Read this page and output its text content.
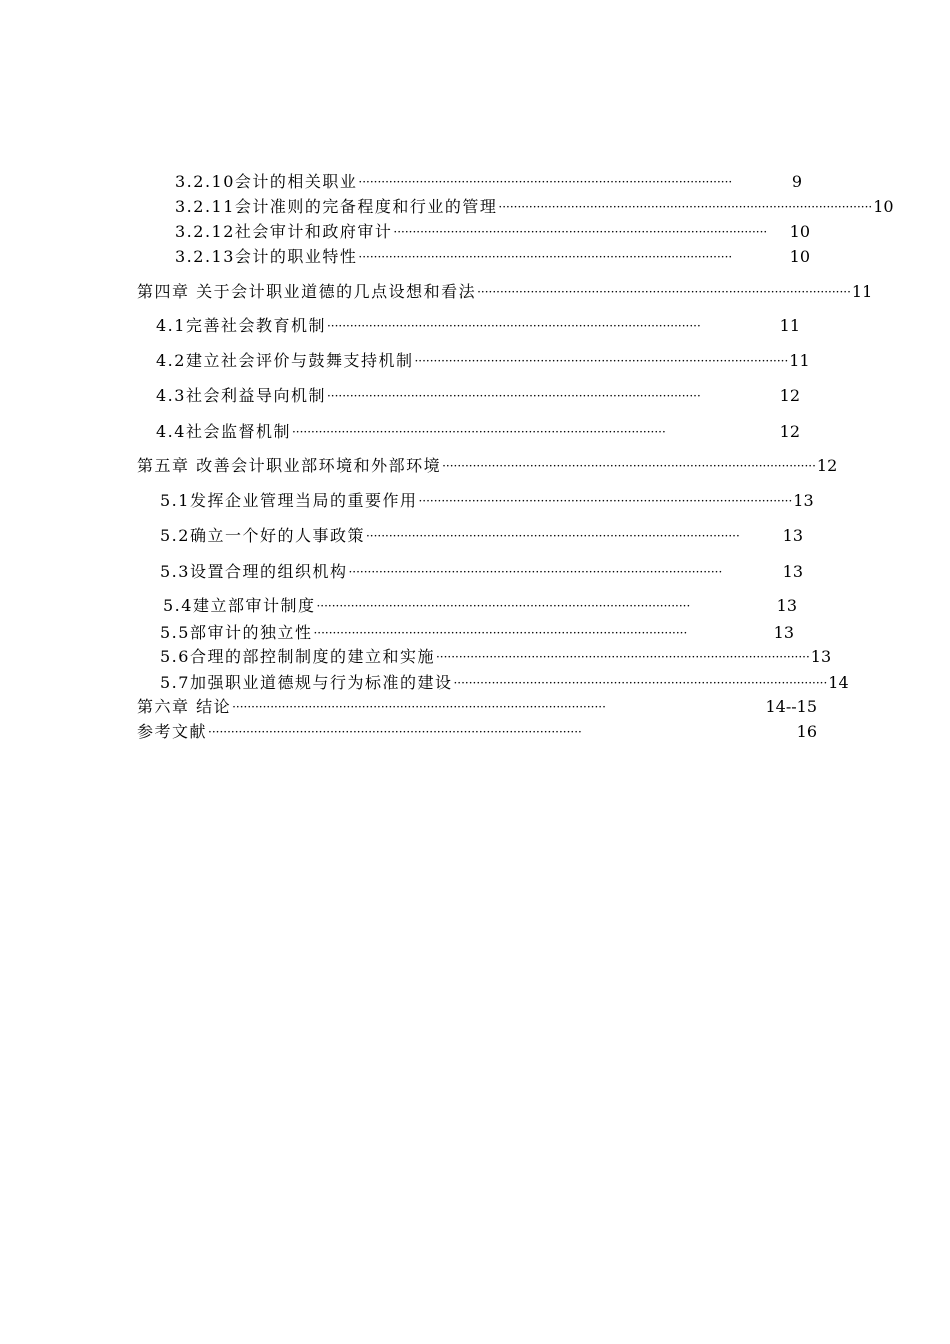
3.2.10会计的相关职业 ··································································································	9
3.2.11会计准则的完备程度和行业的管理 ·································································································· 10
3.2.12社会审计和政府审计 ··································································································	10
3.2.13会计的职业特性 ··································································································	10
第四章 关于会计职业道德的几点设想和看法 ·································································································· 11
4.1完善社会教育机制 ··································································································	11
4.2建立社会评价与鼓舞支持机制 ·································································································· 11
4.3社会利益导向机制 ··································································································	12
4.4社会监督机制 ··································································································	12
第五章 改善会计职业部环境和外部环境 ·································································································· 12
5.1发挥企业管理当局的重要作用 ·································································································· 13
5.2确立一个好的人事政策 ··································································································	13
5.3设置合理的组织机构 ··································································································	13
5.4建立部审计制度 ··································································································	13
5.5部审计的独立性 ··································································································	13
5.6合理的部控制制度的建立和实施 ·································································································· 13
5.7加强职业道德规与行为标准的建设 ·································································································· 14
第六章 结论 ··································································································	14--15
参考文献 ··································································································	16
